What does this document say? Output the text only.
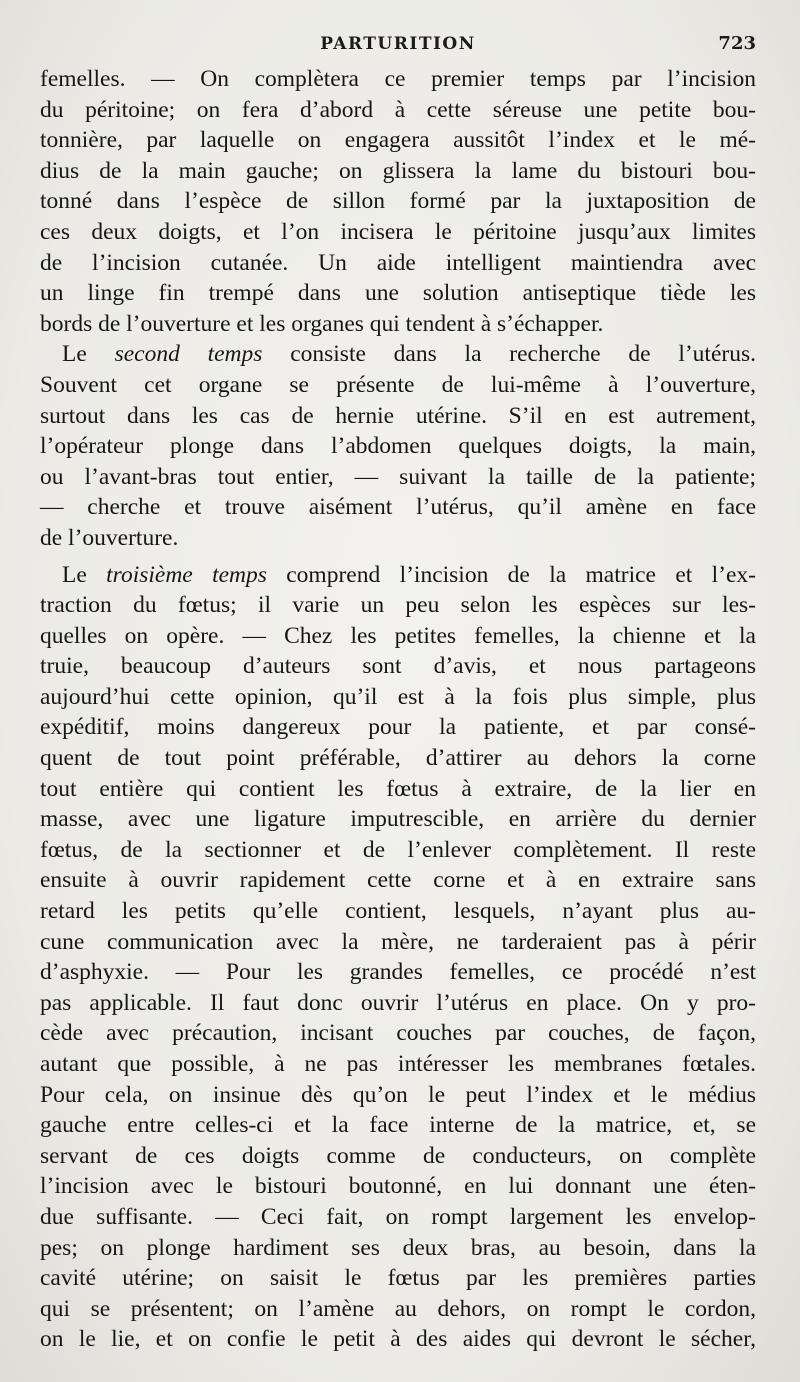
PARTURITION	723
femelles. — On complètera ce premier temps par l’incision
du péritoine; on fera d’abord à cette séreuse une petite bou-
tonnière, par laquelle on engagera aussitôt l’index et le mé-
dius de la main gauche; on glissera la lame du bistouri bou-
tonné dans l’espèce de sillon formé par la juxtaposition de
ces deux doigts, et l’on incisera le péritoine jusqu’aux limites
de l’incision cutanée. Un aide intelligent maintiendra avec
un linge fin trempé dans une solution antiseptique tiède les
bords de l’ouverture et les organes qui tendent à s’échapper.
Le second temps consiste dans la recherche de l’utérus.
Souvent cet organe se présente de lui-même à l’ouverture,
surtout dans les cas de hernie utérine. S’il en est autrement,
l’opérateur plonge dans l’abdomen quelques doigts, la main,
ou l’avant-bras tout entier, — suivant la taille de la patiente;
— cherche et trouve aisément l’utérus, qu’il amène en face
de l’ouverture.
Le troisième temps comprend l’incision de la matrice et l’ex-
traction du fœtus; il varie un peu selon les espèces sur les-
quelles on opère. — Chez les petites femelles, la chienne et la
truie, beaucoup d’auteurs sont d’avis, et nous partageons
aujourd’hui cette opinion, qu’il est à la fois plus simple, plus
expéditif, moins dangereux pour la patiente, et par consé-
quent de tout point préférable, d’attirer au dehors la corne
tout entière qui contient les fœtus à extraire, de la lier en
masse, avec une ligature imputrescible, en arrière du dernier
fœtus, de la sectionner et de l’enlever complètement. Il reste
ensuite à ouvrir rapidement cette corne et à en extraire sans
retard les petits qu’elle contient, lesquels, n’ayant plus au-
cune communication avec la mère, ne tarderaient pas à périr
d’asphyxie. — Pour les grandes femelles, ce procédé n’est
pas applicable. Il faut donc ouvrir l’utérus en place. On y pro-
cède avec précaution, incisant couches par couches, de façon,
autant que possible, à ne pas intéresser les membranes fœtales.
Pour cela, on insinue dès qu’on le peut l’index et le médius
gauche entre celles-ci et la face interne de la matrice, et, se
servant de ces doigts comme de conducteurs, on complète
l’incision avec le bistouri boutonné, en lui donnant une éten-
due suffisante. — Ceci fait, on rompt largement les envelop-
pes; on plonge hardiment ses deux bras, au besoin, dans la
cavité utérine; on saisit le fœtus par les premières parties
qui se présentent; on l’amène au dehors, on rompt le cordon,
on le lie, et on confie le petit à des aides qui devront le sécher,
